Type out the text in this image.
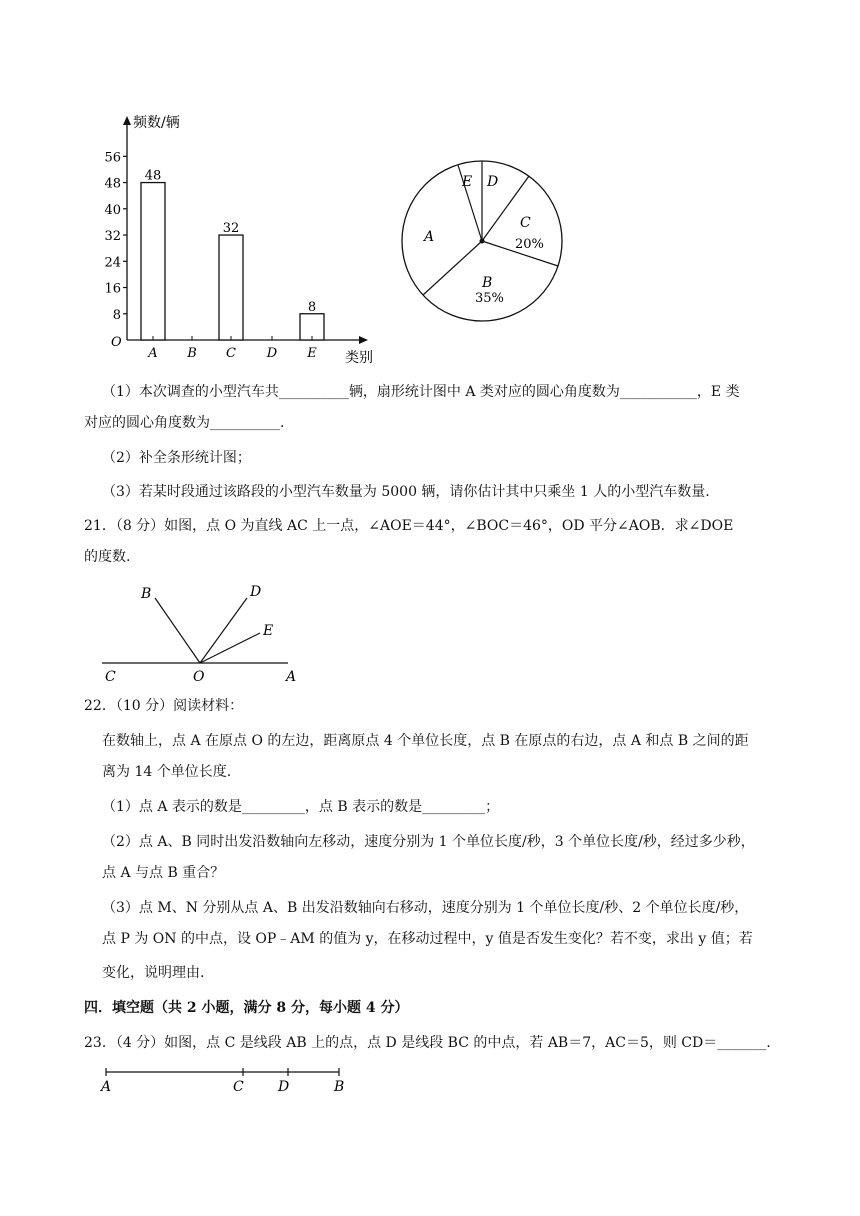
频数/辆
类别
O
8
16
24
32
40
48
56
48
32
8
A B C D E
E D
C
20%
A
B
35%
（1）本次调查的小型汽车共__________辆，扇形统计图中 A 类对应的圆心角度数为___________，E 类
对应的圆心角度数为__________.
（2）补全条形统计图；
（3）若某时段通过该路段的小型汽车数量为 5000 辆，请你估计其中只乘坐 1 人的小型汽车数量.
21．（8 分）如图，点 O 为直线 AC 上一点，∠AOE＝44°，∠BOC＝46°，OD 平分∠AOB．求∠DOE
的度数.
B	D
E
C	O	A
22．（10 分）阅读材料：
在数轴上，点 A 在原点 O 的左边，距离原点 4 个单位长度，点 B 在原点的右边，点 A 和点 B 之间的距
离为 14 个单位长度.
（1）点 A 表示的数是_________，点 B 表示的数是_________；
（2）点 A、B 同时出发沿数轴向左移动，速度分别为 1 个单位长度/秒，3 个单位长度/秒，经过多少秒，
点 A 与点 B 重合？
（3）点 M、N 分别从点 A、B 出发沿数轴向右移动，速度分别为 1 个单位长度/秒、2 个单位长度/秒，
点 P 为 ON 的中点，设 OP﹣AM 的值为 y，在移动过程中，y 值是否发生变化？若不变，求出 y 值；若
变化，说明理由.
四．填空题（共 2 小题，满分 8 分，每小题 4 分）
23．（4 分）如图，点 C 是线段 AB 上的点，点 D 是线段 BC 的中点，若 AB＝7，AC＝5，则 CD＝_______.
A	C D	B
